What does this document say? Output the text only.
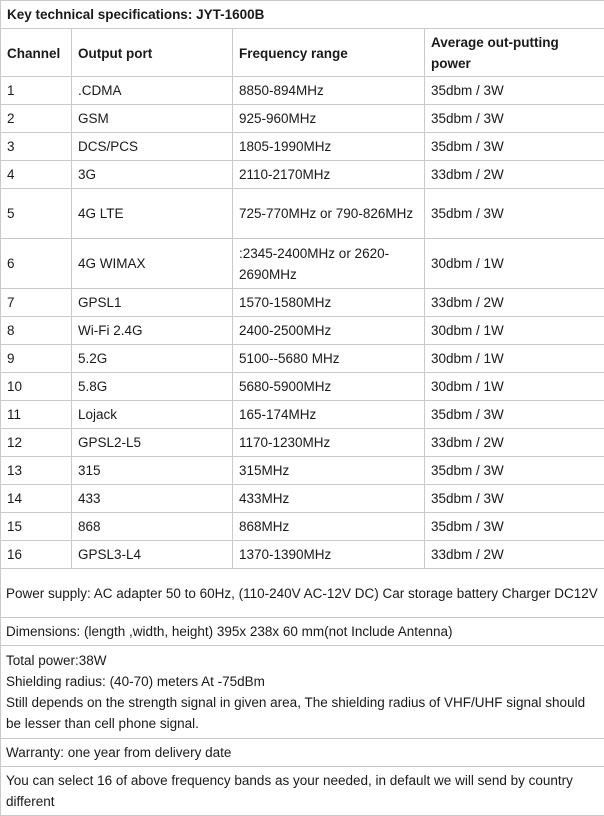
Key technical specifications: JYT-1600B			
Channel	Output port	Frequency range	Average out-putting power
1	.CDMA	8850-894MHz	35dbm / 3W
2	GSM	925-960MHz	35dbm / 3W
3	DCS/PCS	1805-1990MHz	35dbm / 3W
4	3G	2110-2170MHz	33dbm / 2W
5	4G LTE	725-770MHz or 790-826MHz	35dbm / 3W
6	4G WIMAX	:2345-2400MHz or 2620-2690MHz	30dbm / 1W
7	GPSL1	1570-1580MHz	33dbm / 2W
8	Wi-Fi 2.4G	2400-2500MHz	30dbm / 1W
9	5.2G	5100--5680 MHz	30dbm / 1W
10	5.8G	5680-5900MHz	30dbm / 1W
11	Lojack	165-174MHz	35dbm / 3W
12	GPSL2-L5	1170-1230MHz	33dbm / 2W
13	315	315MHz	35dbm / 3W
14	433	433MHz	35dbm / 3W
15	868	868MHz	35dbm / 3W
16	GPSL3-L4	1370-1390MHz	33dbm / 2W
Power supply: AC adapter 50 to 60Hz, (110-240V AC-12V DC) Car storage battery Charger DC12V			
Dimensions: (length ,width, height) 395x 238x 60 mm(not Include Antenna)			

Total power:38W
Shielding radius: (40-70) meters At -75dBm
Still depends on the strength signal in given area, The shielding radius of VHF/UHF signal should be lesser than cell phone signal.			

Warranty: one year from delivery date			
You can select 16 of above frequency bands as your needed, in default we will send by country different			
